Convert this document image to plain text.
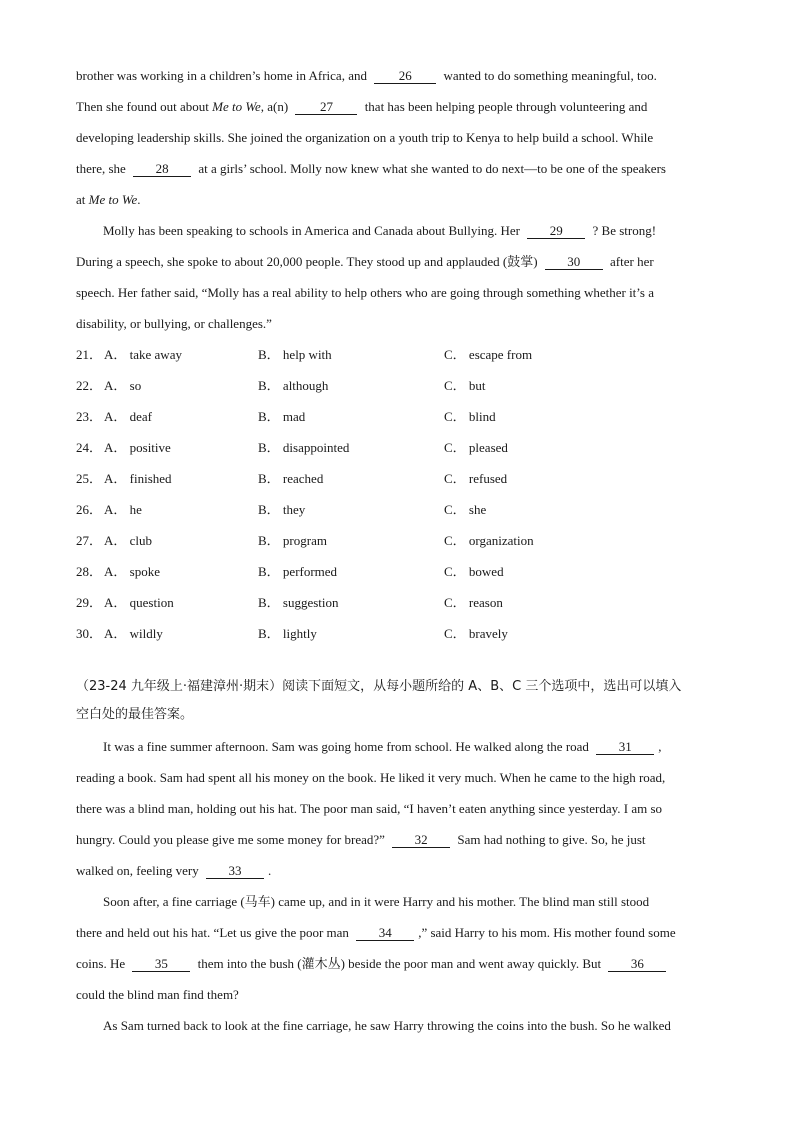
brother was working in a children’s home in Africa, and 26 wanted to do something meaningful, too.
Then she found out about Me to We, a(n) 27 that has been helping people through volunteering and
developing leadership skills. She joined the organization on a youth trip to Kenya to help build a school. While
there, she 28 at a girls’ school. Molly now knew what she wanted to do next—to be one of the speakers
at Me to We.
Molly has been speaking to schools in America and Canada about Bullying. Her 29 ? Be strong!
During a speech, she spoke to about 20,000 people. They stood up and applauded (鼓掌) 30 after her
speech. Her father said, “Molly has a real ability to help others who are going through something whether it’s a
disability, or bullying, or challenges.”
21． A． take away	B． help with	C． escape from
22． A． so	B． although	C． but
23． A． deaf	B． mad	C． blind
24． A． positive	B． disappointed	C． pleased
25． A． finished	B． reached	C． refused
26． A． he	B． they	C． she
27． A． club	B． program	C． organization
28． A． spoke	B． performed	C． bowed
29． A． question	B． suggestion	C． reason
30． A． wildly	B． lightly	C． bravely
（23-24 九年级上·福建漳州·期末）阅读下面短文，从每小题所给的 A、B、C 三个选项中，选出可以填入
空白处的最佳答案。
It was a fine summer afternoon. Sam was going home from school. He walked along the road 31 ,
reading a book. Sam had spent all his money on the book. He liked it very much. When he came to the high road,
there was a blind man, holding out his hat. The poor man said, “I haven’t eaten anything since yesterday. I am so
hungry. Could you please give me some money for bread?” 32 Sam had nothing to give. So, he just
walked on, feeling very 33 .
Soon after, a fine carriage (马车) came up, and in it were Harry and his mother. The blind man still stood
there and held out his hat. “Let us give the poor man 34 ,” said Harry to his mom. His mother found some
coins. He 35 them into the bush (灌木丛) beside the poor man and went away quickly. But 36
could the blind man find them?
As Sam turned back to look at the fine carriage, he saw Harry throwing the coins into the bush. So he walked
